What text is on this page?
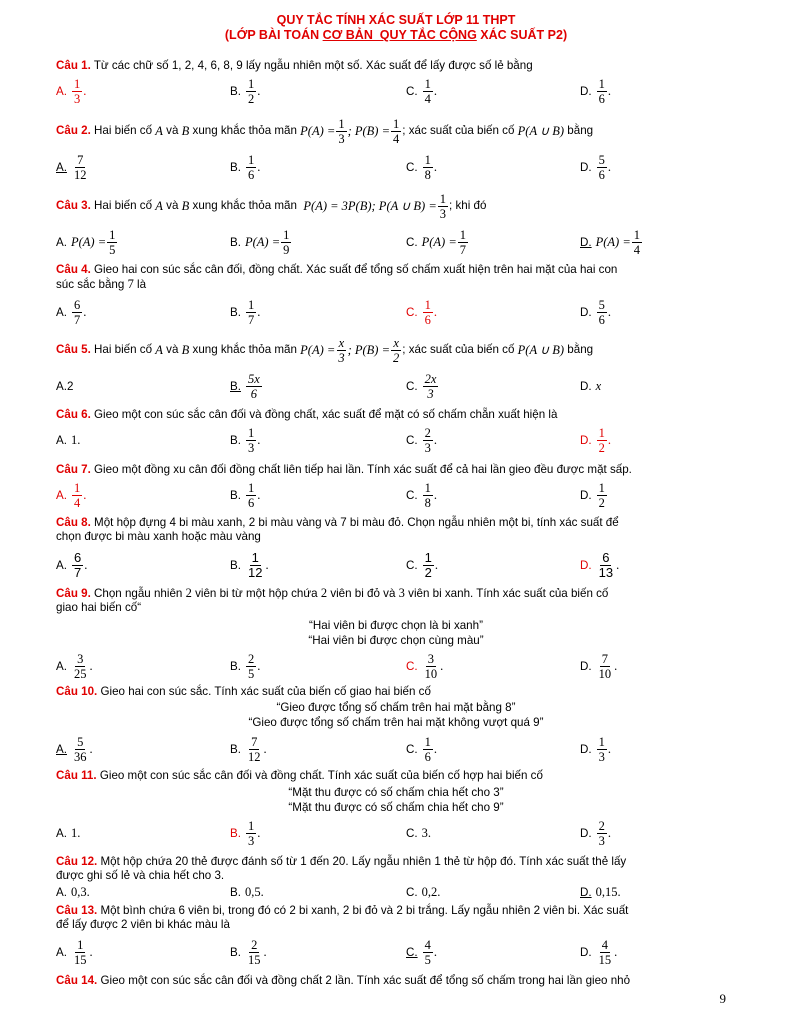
QUY TẮC TÍNH XÁC SUẤT LỚP 11 THPT
(LỚP BÀI TOÁN CƠ BẢN_QUY TẮC CỘNG XÁC SUẤT P2)
Câu 1. Từ các chữ số 1, 2, 4, 6, 8, 9 lấy ngẫu nhiên một số. Xác suất để lấy được số lẻ bằng
A. $\frac{1}{3}$ .	B. $\frac{1}{2}$ .	C. $\frac{1}{4}$ .	D. $\frac{1}{6}$ .
Câu 2.
Hai biến cố
A
và
B
xung khắc thỏa mãn
$P(A) = \frac{1}{3}$ ; $P(B) = \frac{1}{4}$ ; xác suất của biến cố
P(A ∪ B)
bằng
A. $\frac{7}{12}$	B. $\frac{1}{6}$ .	C. $\frac{1}{8}$ .	D. $\frac{5}{6}$ .
Câu 3.
Hai biến cố
A
và
B
xung khắc thỏa mãn
P(A) = 3P(B); P(A ∪ $B) = \frac{1}{3}$ ; khi đó
A. $P(A) = \frac{1}{5}$	B. $P(A) = \frac{1}{9}$	C. $P(A) = \frac{1}{7}$	D. $P(A) = \frac{1}{4}$
Câu 4. Gieo hai con súc sắc cân đối, đồng chất. Xác suất để tổng số chấm xuất hiện trên hai mặt của hai con
súc sắc bằng 7 là
A. $\frac{6}{7}$ .	B. $\frac{1}{7}$ .	C. $\frac{1}{6}$ .	D. $\frac{5}{6}$ .
Câu 5.
Hai biến cố
A
và
B
xung khắc thỏa mãn
$P(A) = \frac{x}{3}$ ; $P(B) = \frac{x}{2}$ ; xác suất của biến cố
P(A ∪ B)
bằng
A.2	B. $\frac{5x}{6}$	C. $\frac{2x}{3}$	D. x
Câu 6. Gieo một con súc sắc cân đối và đồng chất, xác suất để mặt có số chấm chẵn xuất hiện là
A. 1.	B. $\frac{1}{3}$ .	C. $\frac{2}{3}$ .	D. $\frac{1}{2}$ .
Câu 7. Gieo một đồng xu cân đối đồng chất liên tiếp hai lần. Tính xác suất để cả hai lần gieo đều được mặt sấp.
A. $\frac{1}{4}$ .	B. $\frac{1}{6}$ .	C. $\frac{1}{8}$ .	D. $\frac{1}{2}$
Câu 8. Một hộp đựng 4 bi màu xanh, 2 bi màu vàng và 7 bi màu đỏ. Chọn ngẫu nhiên một bi, tính xác suất để
chọn được bi màu xanh hoặc màu vàng
A. $\frac{6}{7}$ .	B. $\frac{1}{12}$ .	C. $\frac{1}{2}$ .	D. $\frac{6}{13}$ .
Câu 9. Chọn ngẫu nhiên 2 viên bi từ một hộp chứa 2 viên bi đỏ và 3 viên bi xanh. Tính xác suất của biến cố
giao hai biến cố“
“Hai viên bi được chọn là bi xanh”
“Hai viên bi được chọn cùng màu”
A. $\frac{3}{25}$ .	B. $\frac{2}{5}$ .	C. $\frac{3}{10}$ .	D. $\frac{7}{10}$ .
Câu 10. Gieo hai con súc sắc. Tính xác suất của biến cố giao hai biến cố
“Gieo được tổng số chấm trên hai mặt bằng 8”
“Gieo được tổng số chấm trên hai mặt không vượt quá 9”
A. $\frac{5}{36}$ .	B. $\frac{7}{12}$ .	C. $\frac{1}{6}$ .	D. $\frac{1}{3}$ .
Câu 11. Gieo một con súc sắc cân đối và đồng chất. Tính xác suất của biến cố hợp hai biến cố
“Mặt thu được có số chấm chia hết cho 3”
“Mặt thu được có số chấm chia hết cho 9”
A. 1.	B. $\frac{1}{3}$ .	C. 3.	D. $\frac{2}{3}$ .
Câu 12. Một hộp chứa 20 thẻ được đánh số từ 1 đến 20. Lấy ngẫu nhiên 1 thẻ từ hộp đó. Tính xác suất thẻ lấy
được ghi số lẻ và chia hết cho 3.
A. 0,3.	B. 0,5.	C. 0,2.	D. 0,15.
Câu 13. Một bình chứa 6 viên bi, trong đó có 2 bi xanh, 2 bi đỏ và 2 bi trắng. Lấy ngẫu nhiên 2 viên bi. Xác suất
để lấy được 2 viên bi khác màu là
A. $\frac{1}{15}$ .	B. $\frac{2}{15}$ .	C. $\frac{4}{5}$ .	D. $\frac{4}{15}$ .
Câu 14. Gieo một con súc sắc cân đối và đồng chất 2 lần. Tính xác suất để tổng số chấm trong hai lần gieo nhỏ
9
